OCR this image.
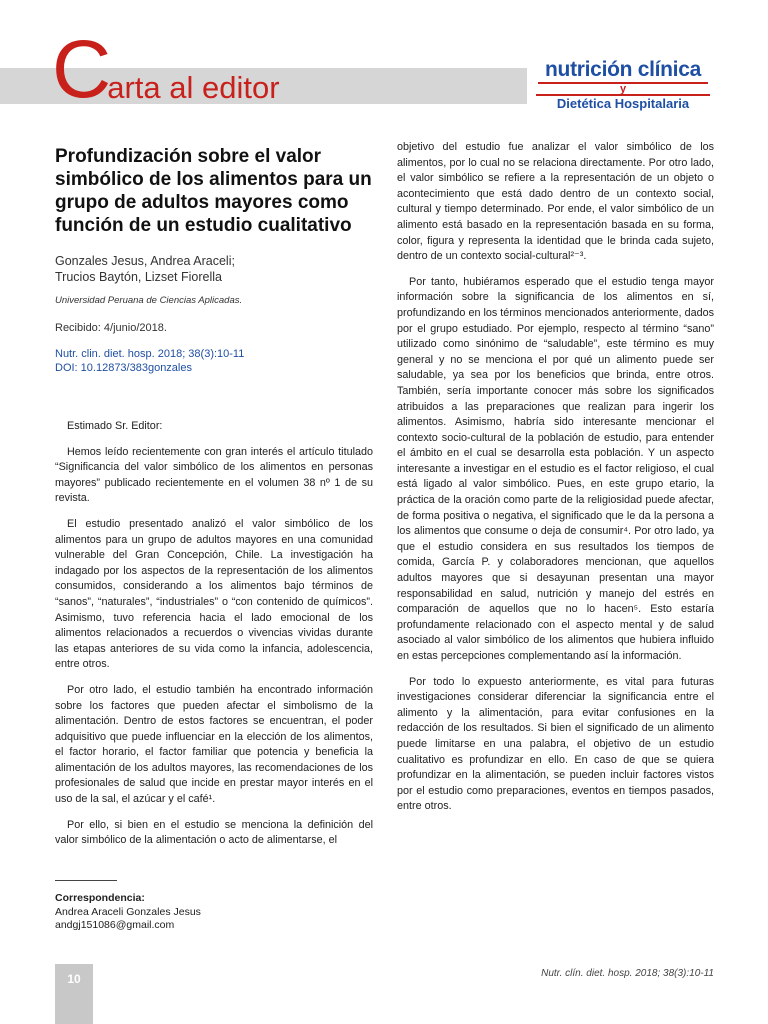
Carta al editor
nutrición clínica
y
Dietética Hospitalaria
Profundización sobre el valor simbólico de los alimentos para un grupo de adultos mayores como función de un estudio cualitativo
Gonzales Jesus, Andrea Araceli;
Trucios Baytón, Lizset Fiorella
Universidad Peruana de Ciencias Aplicadas.
Recibido: 4/junio/2018.
Nutr. clin. diet. hosp. 2018; 38(3):10-11
DOI: 10.12873/383gonzales

Estimado Sr. Editor:

Hemos leído recientemente con gran interés el artículo titulado “Significancia del valor simbólico de los alimentos en personas mayores” publicado recientemente en el volumen 38 nº 1 de su revista.

El estudio presentado analizó el valor simbólico de los alimentos para un grupo de adultos mayores en una comunidad vulnerable del Gran Concepción, Chile. La investigación ha indagado por los aspectos de la representación de los alimentos consumidos, considerando a los alimentos bajo términos de “sanos”, “naturales”, “industriales” o “con contenido de químicos”. Asimismo, tuvo referencia hacia el lado emocional de los alimentos relacionados a recuerdos o vivencias vividas durante las etapas anteriores de su vida como la infancia, adolescencia, entre otros.

Por otro lado, el estudio también ha encontrado información sobre los factores que pueden afectar el simbolismo de la alimentación. Dentro de estos factores se encuentran, el poder adquisitivo que puede influenciar en la elección de los alimentos, el factor horario, el factor familiar que potencia y beneficia la alimentación de los adultos mayores, las recomendaciones de los profesionales de salud que incide en prestar mayor interés en el uso de la sal, el azúcar y el café¹.

Por ello, si bien en el estudio se menciona la definición del valor simbólico de la alimentación o acto de alimentarse, el

objetivo del estudio fue analizar el valor simbólico de los alimentos, por lo cual no se relaciona directamente. Por otro lado, el valor simbólico se refiere a la representación de un objeto o acontecimiento que está dado dentro de un contexto social, cultural y tiempo determinado. Por ende, el valor simbólico de un alimento está basado en la representación basada en su forma, color, figura y representa la identidad que le brinda cada sujeto, dentro de un contexto social-cultural²⁻³.

Por tanto, hubiéramos esperado que el estudio tenga mayor información sobre la significancia de los alimentos en sí, profundizando en los términos mencionados anteriormente, dados por el grupo estudiado. Por ejemplo, respecto al término “sano” utilizado como sinónimo de “saludable”, este término es muy general y no se menciona el por qué un alimento puede ser saludable, ya sea por los beneficios que brinda, entre otros. También, sería importante conocer más sobre los significados atribuidos a las preparaciones que realizan para ingerir los alimentos. Asimismo, habría sido interesante mencionar el contexto socio-cultural de la población de estudio, para entender el ámbito en el cual se desarrolla esta población. Y un aspecto interesante a investigar en el estudio es el factor religioso, el cual está ligado al valor simbólico. Pues, en este grupo etario, la práctica de la oración como parte de la religiosidad puede afectar, de forma positiva o negativa, el significado que le da la persona a los alimentos que consume o deja de consumir⁴. Por otro lado, ya que el estudio considera en sus resultados los tiempos de comida, García P. y colaboradores mencionan, que aquellos adultos mayores que si desayunan presentan una mayor responsabilidad en salud, nutrición y manejo del estrés en comparación de aquellos que no lo hacen⁵. Esto estaría profundamente relacionado con el aspecto mental y de salud asociado al valor simbólico de los alimentos que hubiera influido en estas percepciones complementando así la información.

Por todo lo expuesto anteriormente, es vital para futuras investigaciones considerar diferenciar la significancia entre el alimento y la alimentación, para evitar confusiones en la redacción de los resultados. Si bien el significado de un alimento puede limitarse en una palabra, el objetivo de un estudio cualitativo es profundizar en ello. En caso de que se quiera profundizar en la alimentación, se pueden incluir factores vistos por el estudio como preparaciones, eventos en tiempos pasados, entre otros.

Correspondencia:
Andrea Araceli Gonzales Jesus
andgj151086@gmail.com
10	Nutr. clín. diet. hosp. 2018; 38(3):10-11
